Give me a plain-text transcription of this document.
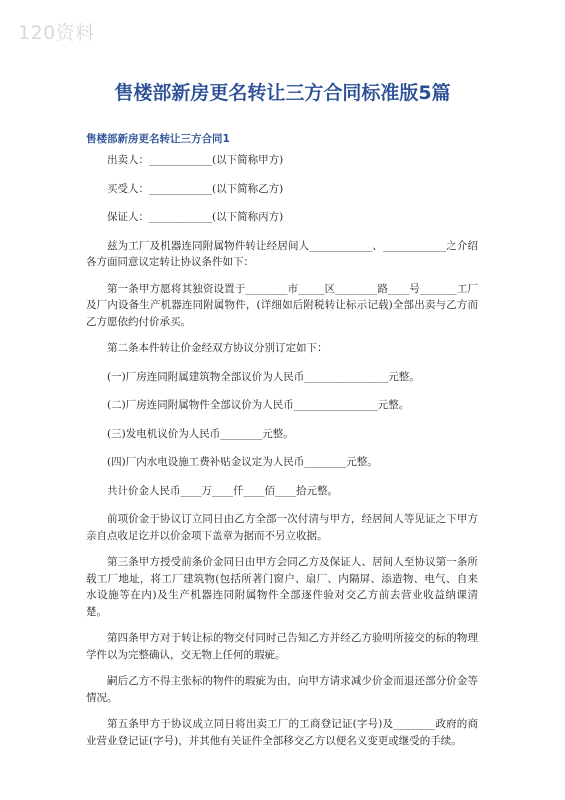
120资料
售楼部新房更名转让三方合同标准版5篇
售楼部新房更名转让三方合同1

出卖人：____________(以下简称甲方)

买受人：____________(以下简称乙方)

保证人：____________(以下简称丙方)

兹为工厂及机器连同附属物件转让经居间人____________、____________之介绍各方面同意议定转让协议条件如下：

第一条甲方愿将其独资设置于________市_____区________路____号_______工厂及厂内设备生产机器连同附属物件，(详细如后附税转让标示记载)全部出卖与乙方而乙方愿依约付价承买。

第二条本件转让价金经双方协议分别订定如下：

(一)厂房连同附属建筑物全部议价为人民币________________元整。

(二)厂房连同附属物件全部议价为人民币________________元整。

(三)发电机议价为人民币________元整。

(四)厂内水电设施工费补贴金议定为人民币________元整。

共计价金人民币____万____仟____佰____拾元整。

前项价金于协议订立同日由乙方全部一次付清与甲方，经居间人等见证之下甲方亲自点收足讫并以价金项下盖章为据而不另立收据。

第三条甲方授受前条价金同日由甲方会同乙方及保证人、居间人至协议第一条所载工厂地址，将工厂建筑物(包括所著门窗户、扇厂、内隔屏、添造物、电气、自来水设施等在内)及生产机器连同附属物件全部逐件验对交乙方前去营业收益纳课清楚。

第四条甲方对于转让标的物交付同时己告知乙方并经乙方验明所接交的标的物理学件以为完整确认，交无物上任何的瑕疵。

嗣后乙方不得主张标的物件的瑕疵为由，向甲方请求减少价金而退还部分价金等情况。

第五条甲方于协议成立同日将出卖工厂的工商登记证(字号)及________政府的商业营业登记证(字号)，并其他有关证件全部移交乙方以便名义变更或继受的手续。
